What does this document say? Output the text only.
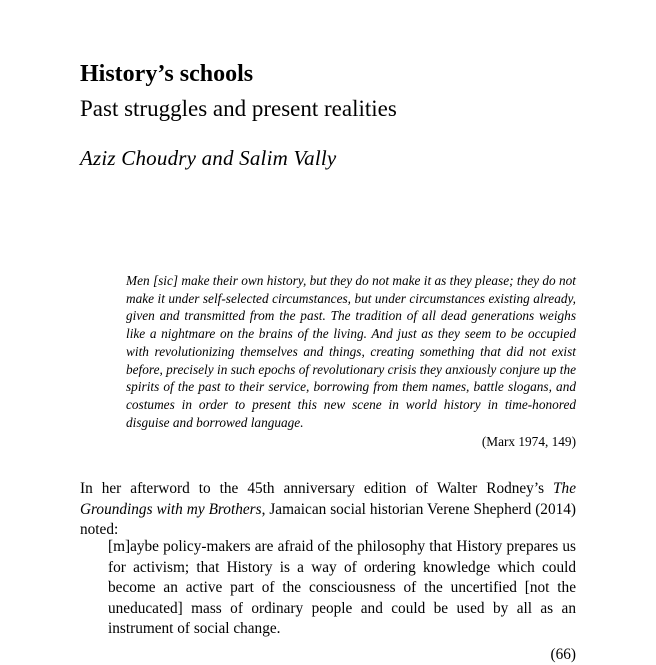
History’s schools
Past struggles and present realities
Aziz Choudry and Salim Vally

Men [sic] make their own history, but they do not make it as they please; they do not make it under self-selected circumstances, but under circumstances existing already, given and transmitted from the past. The tradition of all dead generations weighs like a nightmare on the brains of the living. And just as they seem to be occupied with revolutionizing themselves and things, creating something that did not exist before, precisely in such epochs of revolutionary crisis they anxiously conjure up the spirits of the past to their service, borrowing from them names, battle slogans, and costumes in order to present this new scene in world history in time-honored disguise and borrowed language.

(Marx 1974, 149)

In her afterword to the 45th anniversary edition of Walter Rodney’s The Groundings with my Brothers, Jamaican social historian Verene Shepherd (2014) noted:

[m]aybe policy-makers are afraid of the philosophy that History prepares us for activism; that History is a way of ordering knowledge which could become an active part of the consciousness of the uncertified [not the uneducated] mass of ordinary people and could be used by all as an instrument of social change.

(66)
